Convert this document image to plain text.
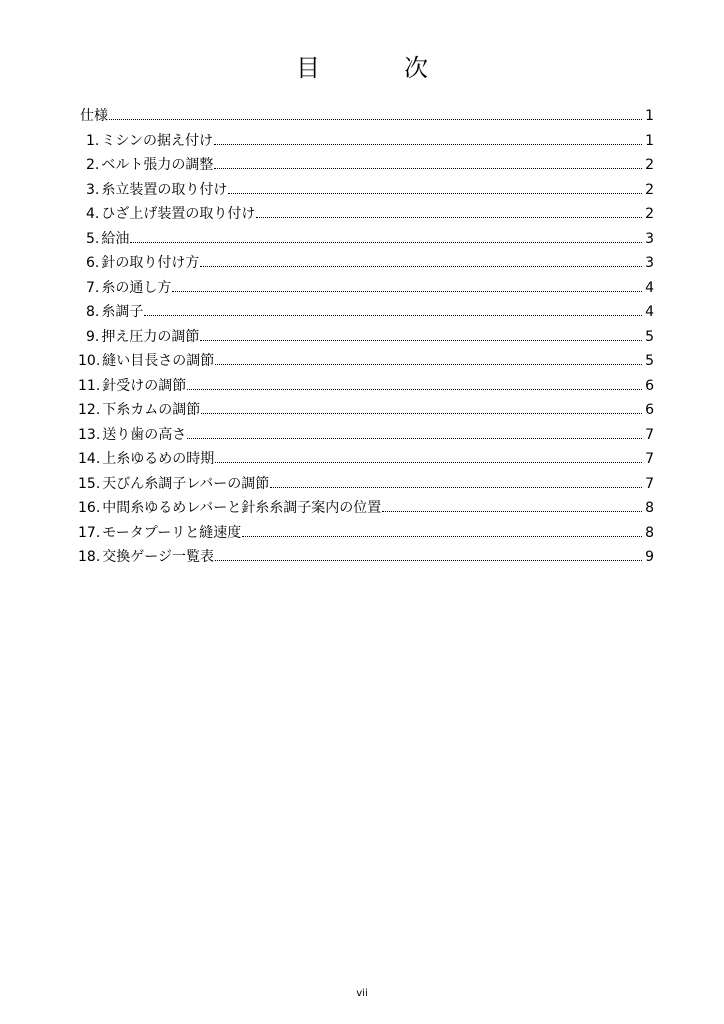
目　次
仕様	1
1. ミシンの据え付け	1
2. ベルト張力の調整	2
3. 糸立装置の取り付け	2
4. ひざ上げ装置の取り付け	2
5. 給油	3
6. 針の取り付け方	3
7. 糸の通し方	4
8. 糸調子	4
9. 押え圧力の調節	5
10. 縫い目長さの調節	5
11. 針受けの調節	6
12. 下糸カムの調節	6
13. 送り歯の高さ	7
14. 上糸ゆるめの時期	7
15. 天びん糸調子レバーの調節	7
16. 中間糸ゆるめレバーと針糸糸調子案内の位置	8
17. モータプーリと縫速度	8
18. 交換ゲージ一覧表	9
vii
